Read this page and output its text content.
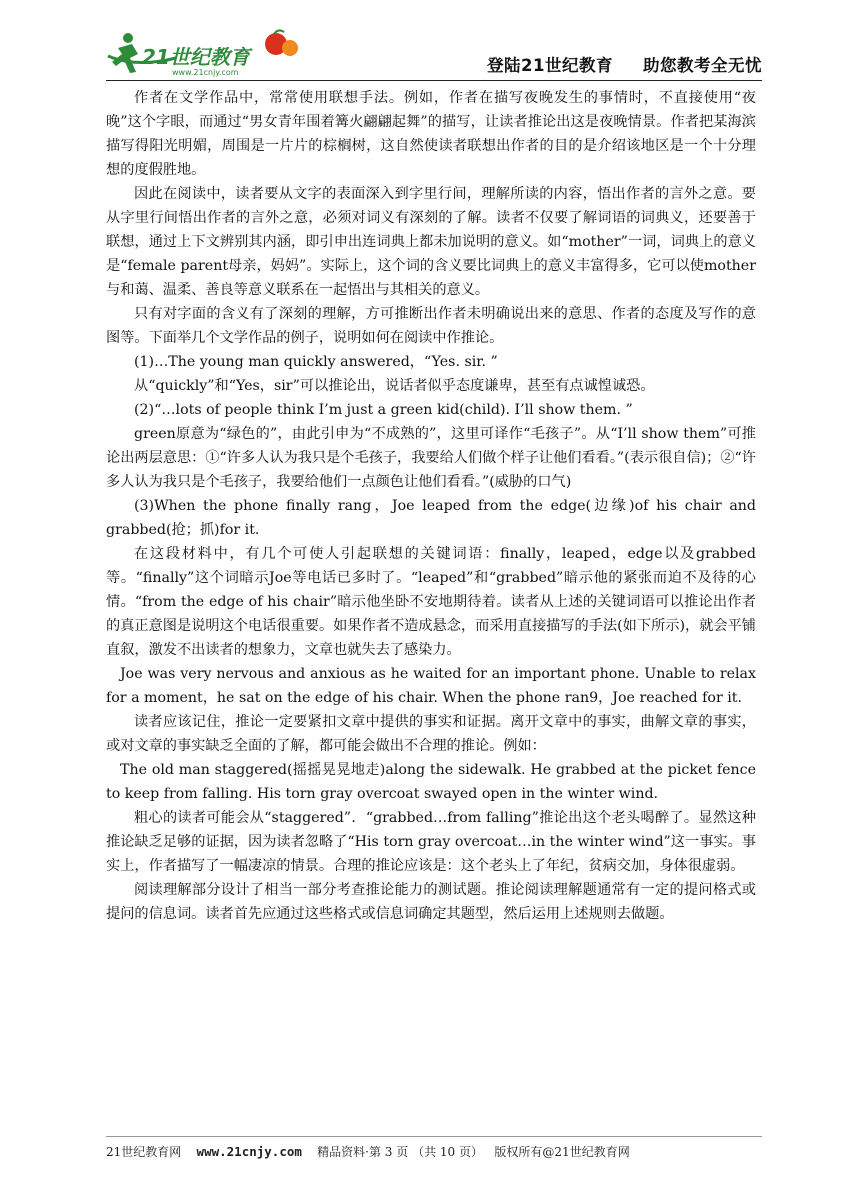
21世纪教育
www.21cnjy.com	登陆21世纪教育 助您教考全无忧

作者在文学作品中，常常使用联想手法。例如，作者在描写夜晚发生的事情时，不直接使用“夜晚”这个字眼，而通过“男女青年围着篝火翩翩起舞”的描写，让读者推论出这是夜晚情景。作者把某海滨描写得阳光明媚，周围是一片片的棕榈树，这自然使读者联想出作者的目的是介绍该地区是一个十分理想的度假胜地。

因此在阅读中，读者要从文字的表面深入到字里行间，理解所读的内容，悟出作者的言外之意。要从字里行间悟出作者的言外之意，必须对词义有深刻的了解。读者不仅要了解词语的词典义，还要善于联想，通过上下文辨别其内涵，即引申出连词典上都未加说明的意义。如“mother”一词，词典上的意义是“female parent母亲，妈妈”。实际上，这个词的含义要比词典上的意义丰富得多，它可以使mother与和蔼、温柔、善良等意义联系在一起悟出与其相关的意义。

只有对字面的含义有了深刻的理解，方可推断出作者未明确说出来的意思、作者的态度及写作的意图等。下面举几个文学作品的例子，说明如何在阅读中作推论。

(1)…The young man quickly answered，“Yes. sir. ”

从“quickly”和“Yes，sir”可以推论出，说话者似乎态度谦卑，甚至有点诚惶诚恐。

(2)“…lots of people think I’m just a green kid(child). I’ll show them. ”

green原意为“绿色的”，由此引申为“不成熟的”，这里可译作“毛孩子”。从“I’ll show them”可推论出两层意思：①“许多人认为我只是个毛孩子，我要给人们做个样子让他们看看。”(表示很自信)；②“许多人认为我只是个毛孩子，我要给他们一点颜色让他们看看。”(威胁的口气)

(3)When the phone finally rang，Joe leaped from the edge(边缘)of his chair and grabbed(抢；抓)for it.

在这段材料中，有几个可使人引起联想的关键词语：finally，leaped，edge以及grabbed等。“finally”这个词暗示Joe等电话已多时了。“leaped”和“grabbed”暗示他的紧张而迫不及待的心情。“from the edge of his chair”暗示他坐卧不安地期待着。读者从上述的关键词语可以推论出作者的真正意图是说明这个电话很重要。如果作者不造成悬念，而采用直接描写的手法(如下所示)，就会平铺直叙，激发不出读者的想象力，文章也就失去了感染力。

Joe was very nervous and anxious as he waited for an important phone. Unable to relax for a moment，he sat on the edge of his chair. When the phone ran9，Joe reached for it.

读者应该记住，推论一定要紧扣文章中提供的事实和证据。离开文章中的事实，曲解文章的事实，或对文章的事实缺乏全面的了解，都可能会做出不合理的推论。例如：

The old man staggered(摇摇晃晃地走)along the sidewalk. He grabbed at the picket fence to keep from falling. His torn gray overcoat swayed open in the winter wind.

粗心的读者可能会从“staggered”．“grabbed…from falling”推论出这个老头喝醉了。显然这种推论缺乏足够的证据，因为读者忽略了“His torn gray overcoat…in the winter wind”这一事实。事实上，作者描写了一幅凄凉的情景。合理的推论应该是：这个老头上了年纪，贫病交加，身体很虚弱。

阅读理解部分设计了相当一部分考查推论能力的测试题。推论阅读理解题通常有一定的提问格式或提问的信息词。读者首先应通过这些格式或信息词确定其题型，然后运用上述规则去做题。

21世纪教育网 www.21cnjy.com 精品资料·第 3 页 （共 10 页） 版权所有@21世纪教育网
